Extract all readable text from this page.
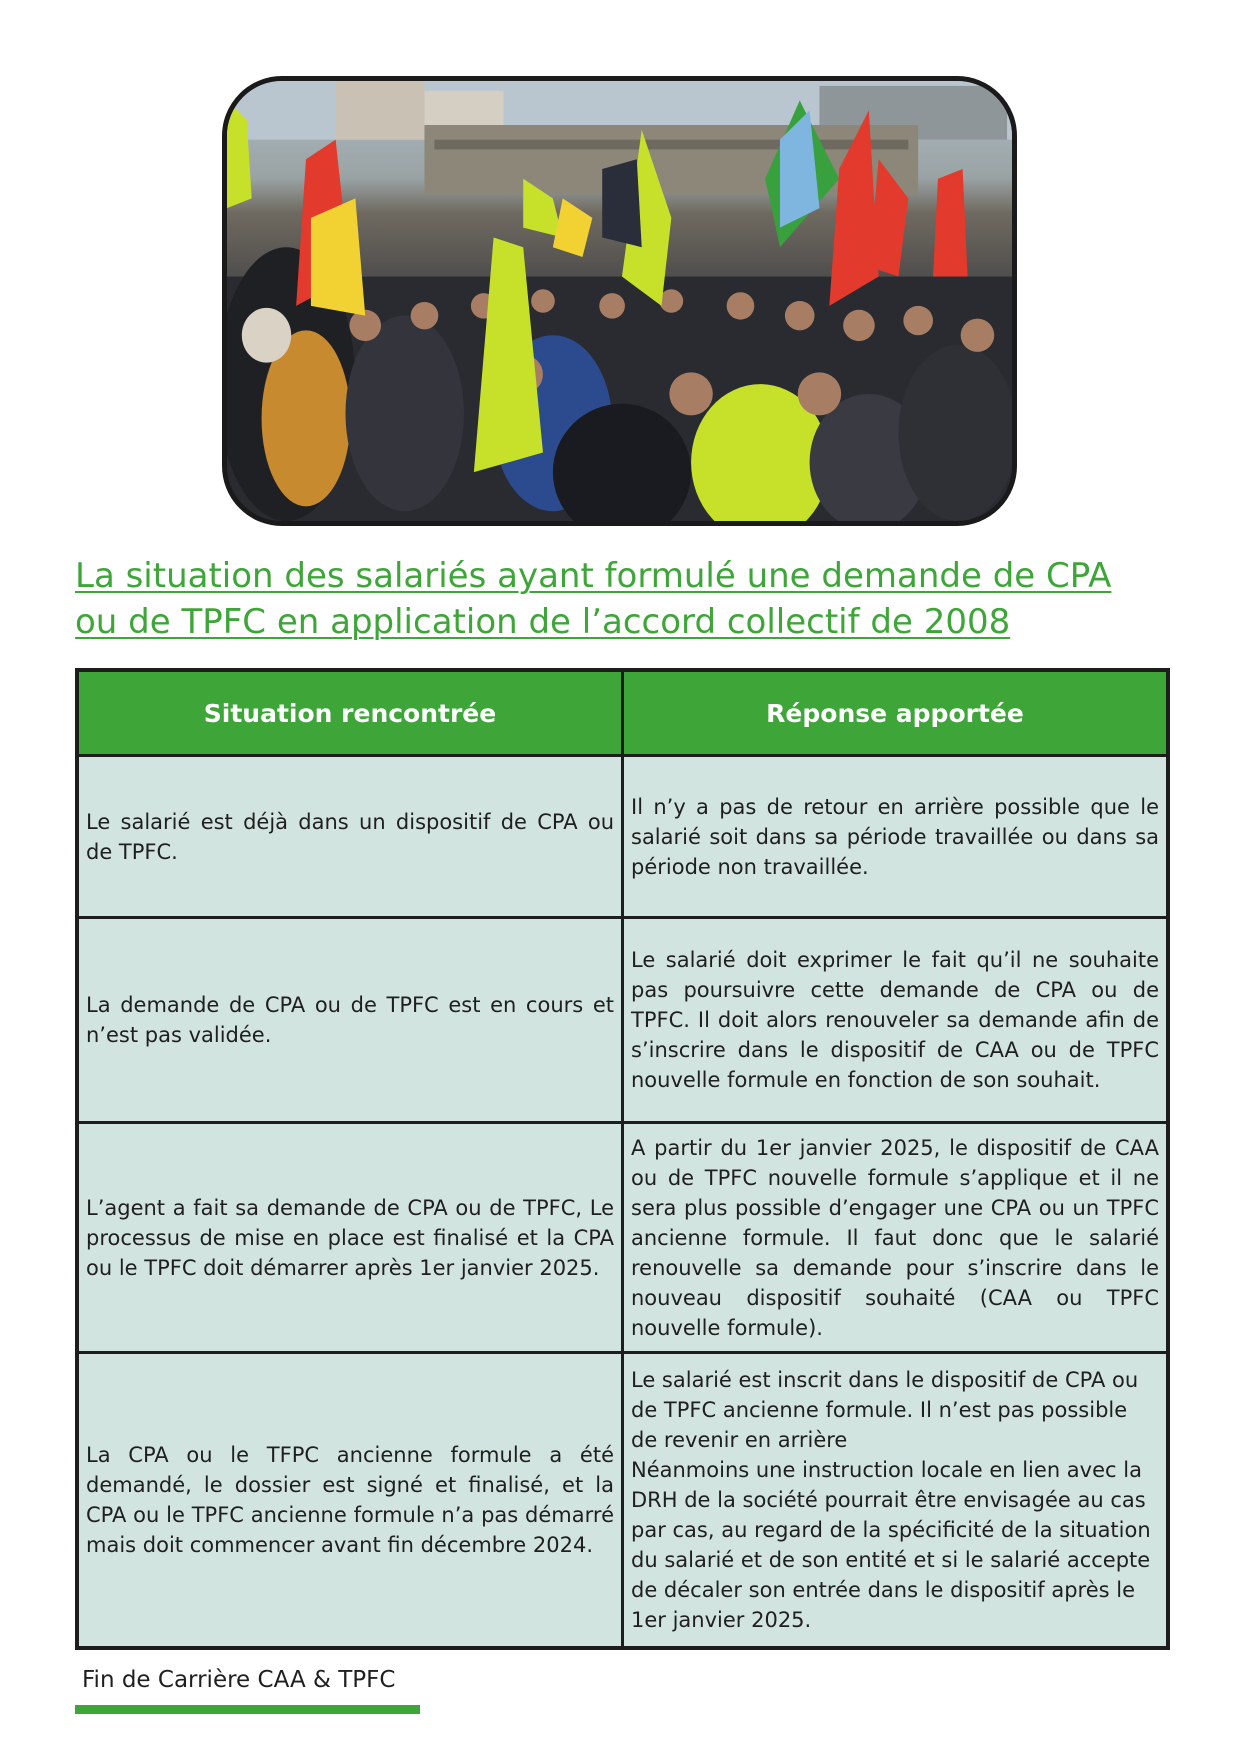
La situation des salariés ayant formulé une demande de CPA
ou de TPFC en application de l’accord collectif de 2008
Situation rencontrée	Réponse apportée
Le salarié est déjà dans un dispositif de CPA ou de TPFC.	Il n’y a pas de retour en arrière possible que le salarié soit dans sa période travaillée ou dans sa période non travaillée.
La demande de CPA ou de TPFC est en cours et n’est pas validée.	Le salarié doit exprimer le fait qu’il ne souhaite pas poursuivre cette demande de CPA ou de TPFC. Il doit alors renouveler sa demande afin de s’inscrire dans le dispositif de CAA ou de TPFC nouvelle formule en fonction de son souhait.
L’agent a fait sa demande de CPA ou de TPFC, Le processus de mise en place est finalisé et la CPA ou le TPFC doit démarrer après 1er janvier 2025.	A partir du 1er janvier 2025, le dispositif de CAA ou de TPFC nouvelle formule s’applique et il ne sera plus possible d’engager une CPA ou un TPFC ancienne formule. Il faut donc que le salarié renouvelle sa demande pour s’inscrire dans le nouveau dispositif souhaité (CAA ou TPFC nouvelle formule).
La CPA ou le TFPC ancienne formule a été demandé, le dossier est signé et finalisé, et la CPA ou le TPFC ancienne formule n’a pas démarré mais doit commencer avant fin décembre 2024.	Le salarié est inscrit dans le dispositif de CPA ou de TPFC ancienne formule. Il n’est pas possible de revenir en arrière
Néanmoins une instruction locale en lien avec la DRH de la société pourrait être envisagée au cas par cas, au regard de la spécificité de la situation du salarié et de son entité et si le salarié accepte de décaler son entrée dans le dispositif après le 1er janvier 2025.
Fin de Carrière CAA & TPFC
